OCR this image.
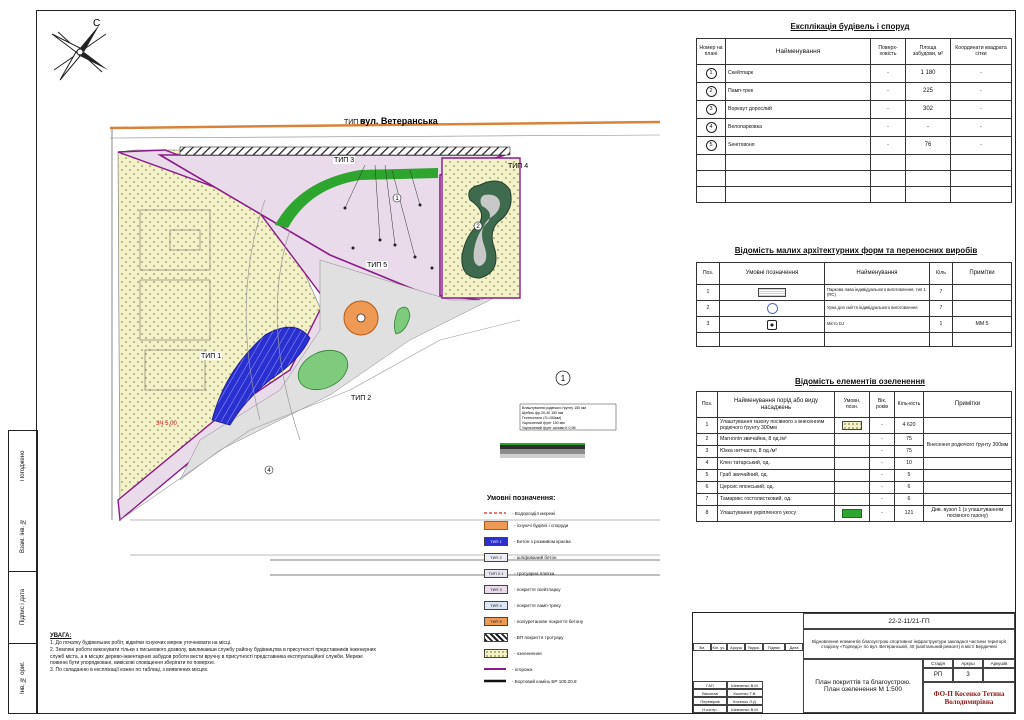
Погоджено
Взам. інв. №
Підпис і дата
Інв. № ориг.
С
ЗЧ 5,00
1
2
4
1
вул. Ветеранська
ТИП 1
ТИП 2
ТИП 3
ТИП 4
ТИП 5
ТИП 6
Влаштування родючого ґрунту 150 мм
Щебінь фр.20-40 150 мм
Геотекстиль (S=150мм)
Ущільнений ґрунт 150 мм
Ущільнений ґрунт основи К 0,98
Експлікація будівель і споруд
Номер на плані	Найменування	Поверх-ховість	Площа забудови, м²	Координати квадрата сітки
1	Скейтпарк	-	1 180	-
2	Памп-трек	-	225	-
3	Воркаут дорослий	-	302	-
4	Велопарковка	-	-	-
5	Sенітхвоня	-	76	-

Відомість малих архітектурних форм та переносних виробів
Поз.	Умовні позначення	Найменування	Кіль	Примітки
1		Паркова лава індивідуального виготовлення, тип 1 (RC)	7	
2		Урна для сміття індивідуального виготовлення	7	
3		Місто DJ	1	ММ 5

Відомість елементів озеленення
Поз.	Найменування порід або виду насаджень	Умовн. позн.	Вік, років	Кіль-кість	Примітки
1	Улаштування газону посівного з внесенням родючого ґрунту 300мм		-	4 620	
2	Магнолія звичайна, 8 од./м²		-	75	Внесення родючого ґрунту 300мм
3	Юкка нитчаста, 8 од./м²		-	75	
4	Клен татарський, од.		-	10	
5	Граб звичайний, од.		-	5	
6	Церсис японський, од.		-	6	
7	Тамарикс гостолистковий, од.		-	6	
8	Улаштування укріпленого укосу		-	121	Див. вузол 1 (з улаштуванням посівного газону)
Умовні позначення:
- Водорозділ мережі
- існуючі будівлі і споруди
ТИП 1	- Бетон з розмивом краєва
ТИП 2	- шліфований бетон
ТИП 2.1	- тротуарна плитка
ТИП 3	- покриття скейтпарку
ТИП 4	- покриття памп-треку
ТИП 5	- поліуретанове покриття бетону
- ВП покриття тротуару
- озеленення
- огорожа
- Бортовий камінь БР 100.20.8
УВАГА:
1. До початку будівельних робіт, відмітки існуючих мереж уточнювати на місці.
2. Земляні роботи виконувати тільки з письмового дозволу, викликавши службу району будівництва в присутності представників інженерних служб міста, а в місцях дерево-інвентарних забудов роботи вести вручну в присутності представника експлуатаційної служби. Мережі повинні бути упорядковані, вивіскові сповіщення зберігати по поверхні.
3. По складанню в експлікації кожен по таблиці, з виявлених місцях.
22-2-11/21-ГП
Відновлення елементів благоустрою спортивної інфраструктури закладної частини території стадіону «Торпедо» по вул. Ветеранській, 40 (капітальний ремонт) в місті Бердичеві
Зм.	Кіл. уч.	Аркуш	№док.	Підпис	Дата
ГАП	Шевченко В.М.
Виконав	Косенко Т.В.
Перевірив	Косенко Л.Д.
Н.контр.	Шевченко В.М.
План покриттів та благоустрою. План озеленення М 1:500
Стадія	Аркуш	Аркушів
РП	3
ФО-П Косенко Тетяна Володимирівна
